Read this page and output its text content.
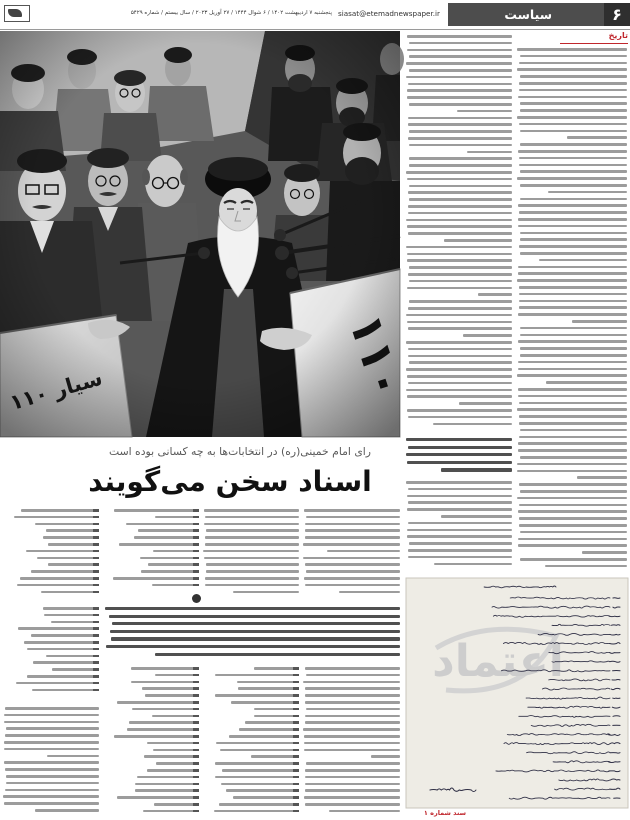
پنجشنبه ۷ اردیبهشت ۱۴۰۲ / ۶ شوال ۱۴۴۴ / ۲۷ آوریل ۲۰۲۳ / سال بیستم / شماره ۵۴۲۹ siasat@etemadnewspaper.ir	سیاست	۶
تاریخ
رای امام خمینی(ره) در انتخابات‌ها به چه کسانی بوده است
اسناد سخن می‌گویند
اعتماد
سند شماره ۱
